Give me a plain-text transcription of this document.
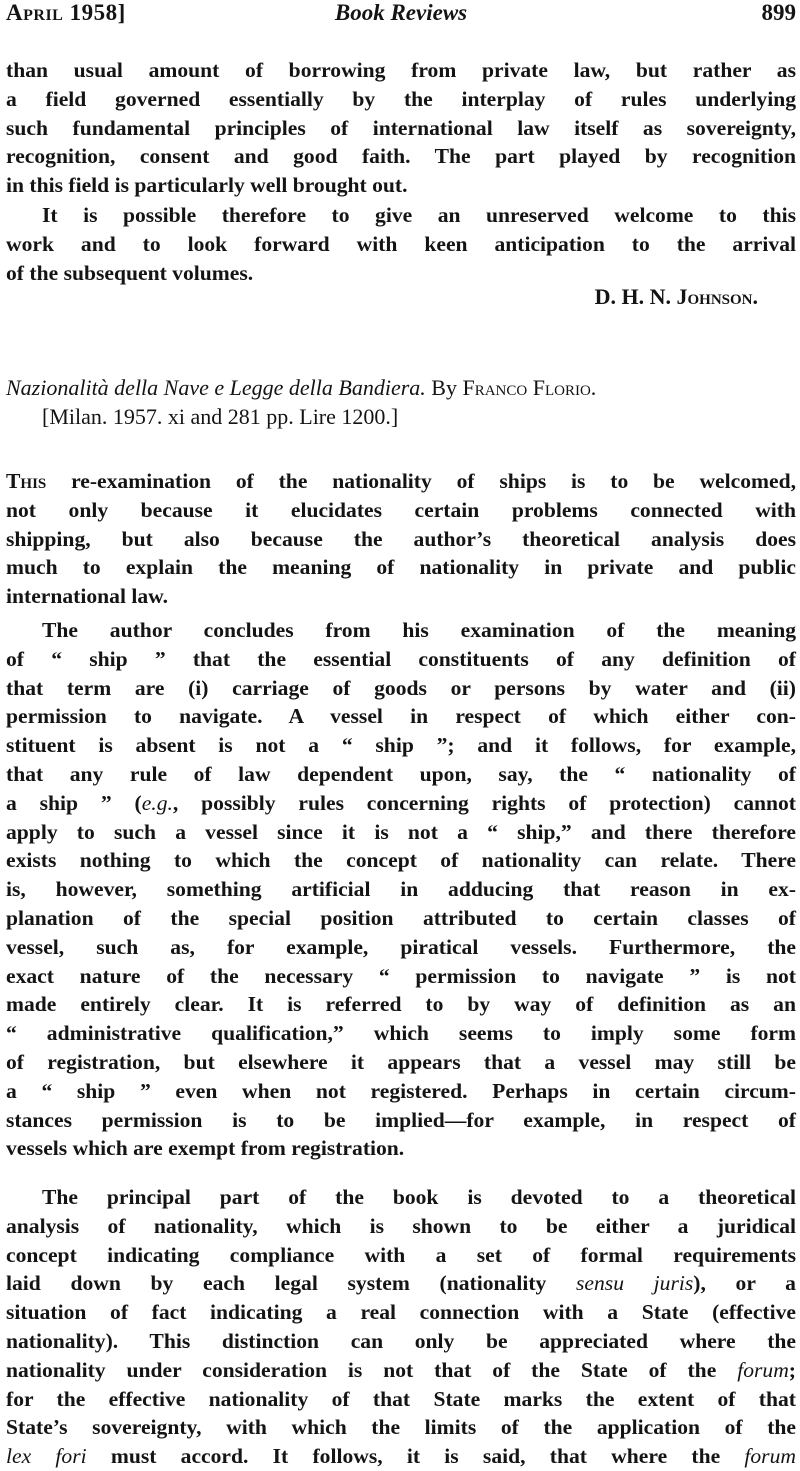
April 1958]	Book Reviews	899
than usual amount of borrowing from private law, but rather as
a field governed essentially by the interplay of rules underlying
such fundamental principles of international law itself as sovereignty,
recognition, consent and good faith. The part played by recognition
in this field is particularly well brought out.
It is possible therefore to give an unreserved welcome to this
work and to look forward with keen anticipation to the arrival
of the subsequent volumes.
D. H. N. Johnson.
Nazionalità della Nave e Legge della Bandiera. By Franco Florio.
[Milan. 1957. xi and 281 pp. Lire 1200.]
This re-examination of the nationality of ships is to be welcomed,
not only because it elucidates certain problems connected with
shipping, but also because the author’s theoretical analysis does
much to explain the meaning of nationality in private and public
international law.
The author concludes from his examination of the meaning
of “ ship ” that the essential constituents of any definition of
that term are (i) carriage of goods or persons by water and (ii)
permission to navigate. A vessel in respect of which either con-
stituent is absent is not a “ ship ”; and it follows, for example,
that any rule of law dependent upon, say, the “ nationality of
a ship ” (e.g., possibly rules concerning rights of protection) cannot
apply to such a vessel since it is not a “ ship,” and there therefore
exists nothing to which the concept of nationality can relate. There
is, however, something artificial in adducing that reason in ex-
planation of the special position attributed to certain classes of
vessel, such as, for example, piratical vessels. Furthermore, the
exact nature of the necessary “ permission to navigate ” is not
made entirely clear. It is referred to by way of definition as an
“ administrative qualification,” which seems to imply some form
of registration, but elsewhere it appears that a vessel may still be
a “ ship ” even when not registered. Perhaps in certain circum-
stances permission is to be implied—for example, in respect of
vessels which are exempt from registration.
The principal part of the book is devoted to a theoretical
analysis of nationality, which is shown to be either a juridical
concept indicating compliance with a set of formal requirements
laid down by each legal system (nationality sensu juris), or a
situation of fact indicating a real connection with a State (effective
nationality). This distinction can only be appreciated where the
nationality under consideration is not that of the State of the forum;
for the effective nationality of that State marks the extent of that
State’s sovereignty, with which the limits of the application of the
lex fori must accord. It follows, it is said, that where the forum
